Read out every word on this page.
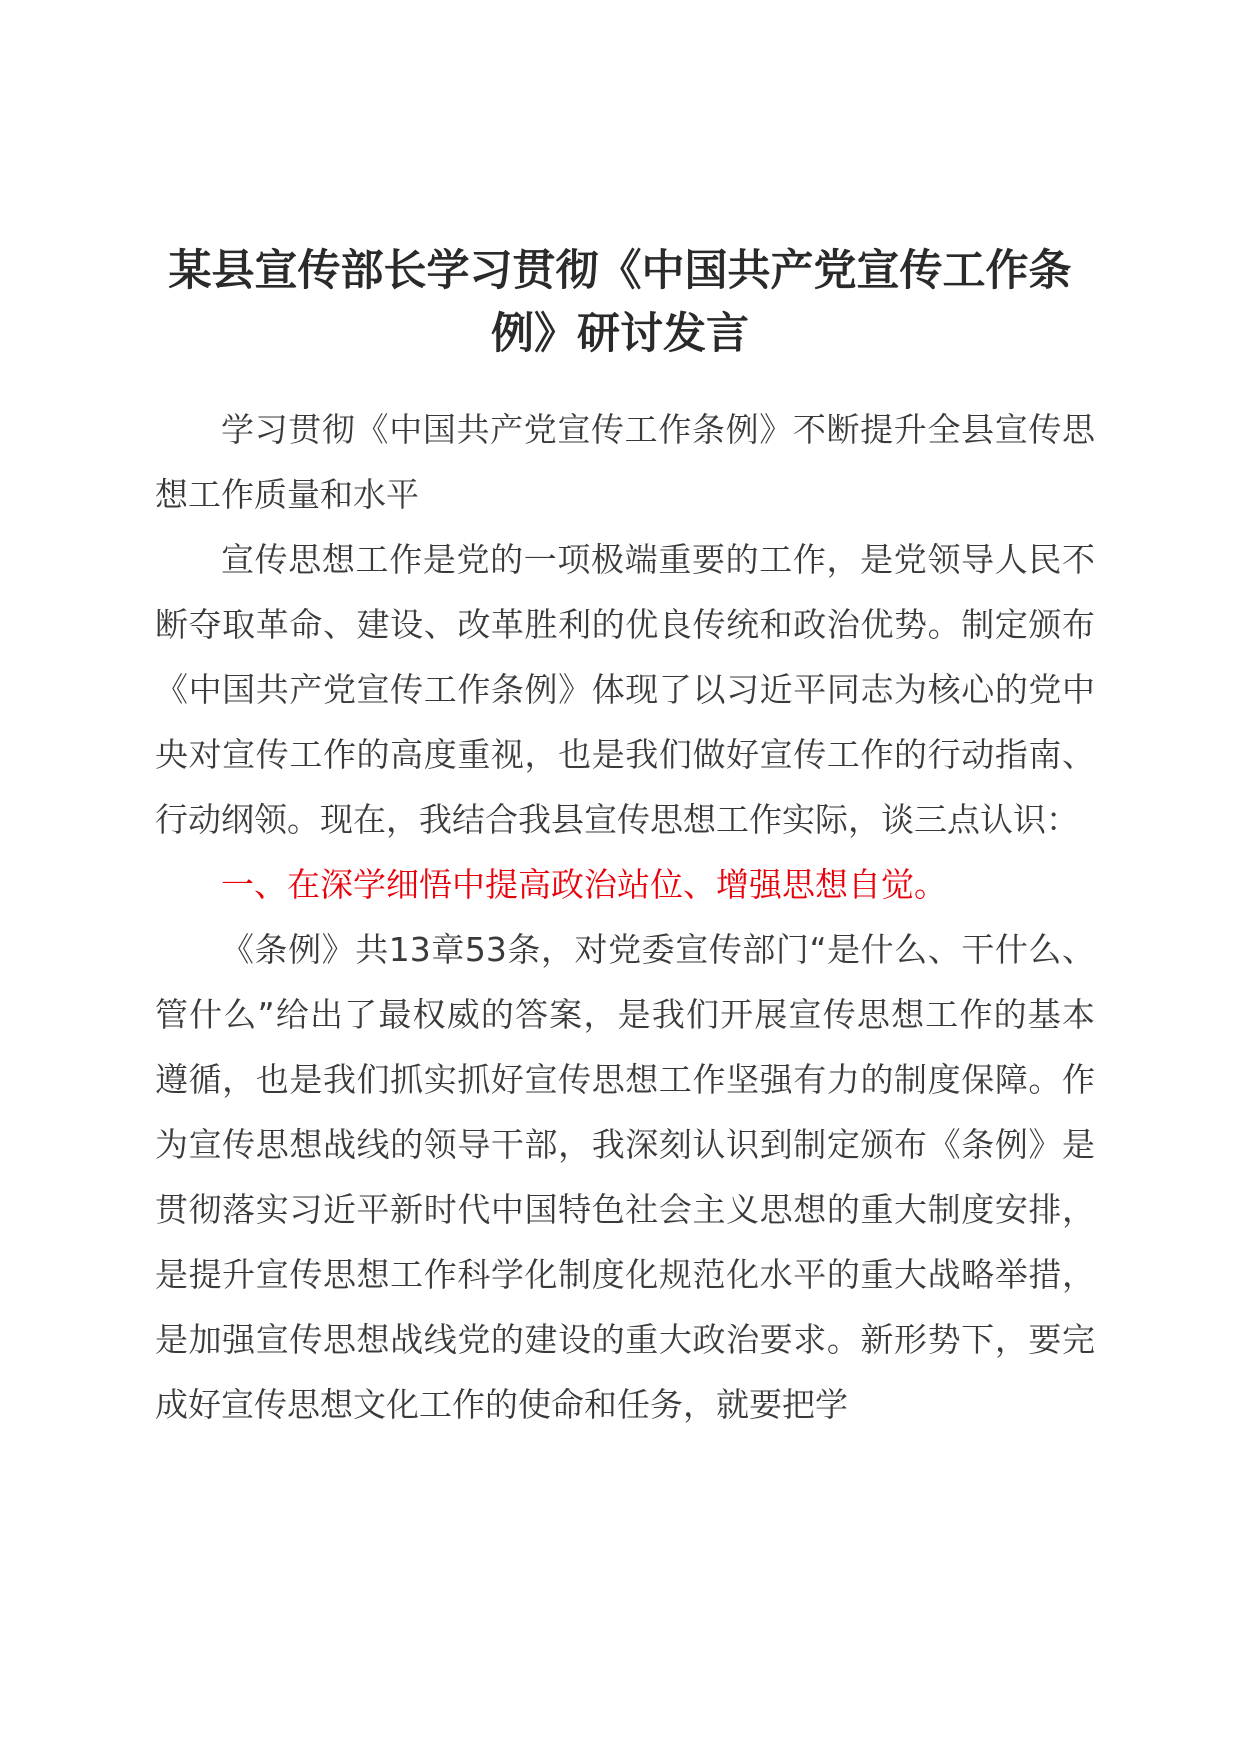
某县宣传部长学习贯彻《中国共产党宣传工作条例》研讨发言

学习贯彻《中国共产党宣传工作条例》不断提升全县宣传思想工作质量和水平

宣传思想工作是党的一项极端重要的工作，是党领导人民不断夺取革命、建设、改革胜利的优良传统和政治优势。制定颁布《中国共产党宣传工作条例》体现了以习近平同志为核心的党中央对宣传工作的高度重视，也是我们做好宣传工作的行动指南、行动纲领。现在，我结合我县宣传思想工作实际，谈三点认识：

一、在深学细悟中提高政治站位、增强思想自觉。

《条例》共13章53条，对党委宣传部门“是什么、干什么、管什么”给出了最权威的答案，是我们开展宣传思想工作的基本遵循，也是我们抓实抓好宣传思想工作坚强有力的制度保障。作为宣传思想战线的领导干部，我深刻认识到制定颁布《条例》是贯彻落实习近平新时代中国特色社会主义思想的重大制度安排，是提升宣传思想工作科学化制度化规范化水平的重大战略举措，是加强宣传思想战线党的建设的重大政治要求。新形势下，要完成好宣传思想文化工作的使命和任务，就要把学
